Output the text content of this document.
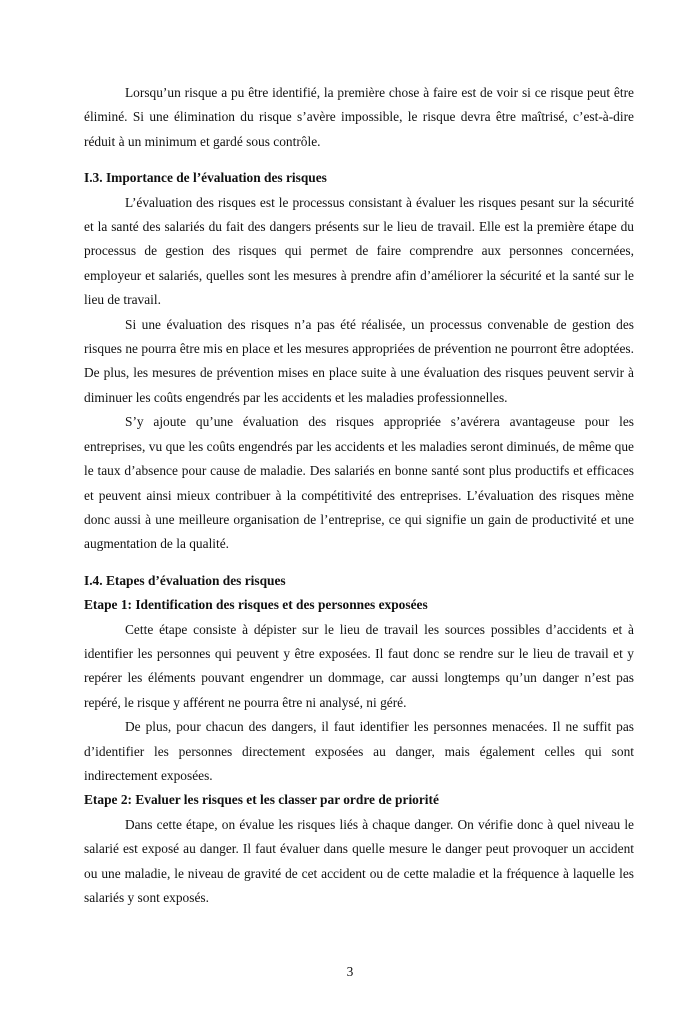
Lorsqu’un risque a pu être identifié, la première chose à faire est de voir si ce risque peut être éliminé. Si une élimination du risque s’avère impossible, le risque devra être maîtrisé, c’est-à-dire réduit à un minimum et gardé sous contrôle.

I.3. Importance de l’évaluation des risques

L’évaluation des risques est le processus consistant à évaluer les risques pesant sur la sécurité et la santé des salariés du fait des dangers présents sur le lieu de travail. Elle est la première étape du processus de gestion des risques qui permet de faire comprendre aux personnes concernées, employeur et salariés, quelles sont les mesures à prendre afin d’améliorer la sécurité et la santé sur le lieu de travail.

Si une évaluation des risques n’a pas été réalisée, un processus convenable de gestion des risques ne pourra être mis en place et les mesures appropriées de prévention ne pourront être adoptées. De plus, les mesures de prévention mises en place suite à une évaluation des risques peuvent servir à diminuer les coûts engendrés par les accidents et les maladies professionnelles.

S’y ajoute qu’une évaluation des risques appropriée s’avérera avantageuse pour les entreprises, vu que les coûts engendrés par les accidents et les maladies seront diminués, de même que le taux d’absence pour cause de maladie. Des salariés en bonne santé sont plus productifs et efficaces et peuvent ainsi mieux contribuer à la compétitivité des entreprises. L’évaluation des risques mène donc aussi à une meilleure organisation de l’entreprise, ce qui signifie un gain de productivité et une augmentation de la qualité.

I.4. Etapes d’évaluation des risques
Etape 1: Identification des risques et des personnes exposées

Cette étape consiste à dépister sur le lieu de travail les sources possibles d’accidents et à identifier les personnes qui peuvent y être exposées. Il faut donc se rendre sur le lieu de travail et y repérer les éléments pouvant engendrer un dommage, car aussi longtemps qu’un danger n’est pas repéré, le risque y afférent ne pourra être ni analysé, ni géré.

De plus, pour chacun des dangers, il faut identifier les personnes menacées. Il ne suffit pas d’identifier les personnes directement exposées au danger, mais également celles qui sont indirectement exposées.

Etape 2: Evaluer les risques et les classer par ordre de priorité

Dans cette étape, on évalue les risques liés à chaque danger. On vérifie donc à quel niveau le salarié est exposé au danger. Il faut évaluer dans quelle mesure le danger peut provoquer un accident ou une maladie, le niveau de gravité de cet accident ou de cette maladie et la fréquence à laquelle les salariés y sont exposés.

3
